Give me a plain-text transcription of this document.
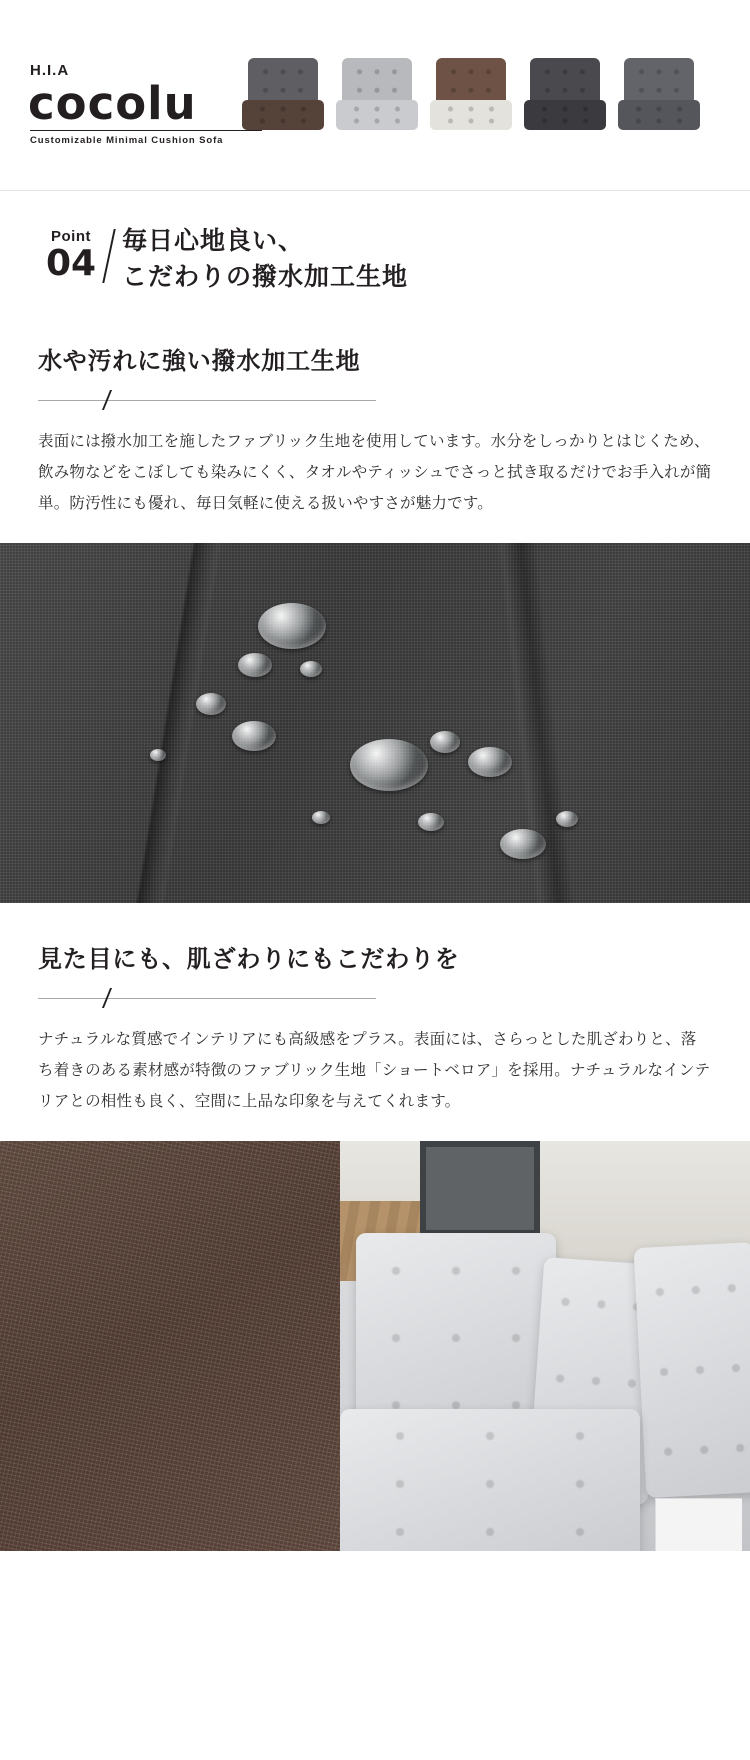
H.I.A
cocolu
Customizable Minimal Cushion Sofa
Point
04
毎日心地良い、
こだわりの撥水加工生地
水や汚れに強い撥水加工生地

表面には撥水加工を施したファブリック生地を使用しています。水分をしっかりとはじくため、飲み物などをこぼしても染みにくく、タオルやティッシュでさっと拭き取るだけでお手入れが簡単。防汚性にも優れ、毎日気軽に使える扱いやすさが魅力です。

見た目にも、肌ざわりにもこだわりを

ナチュラルな質感でインテリアにも高級感をプラス。表面には、さらっとした肌ざわりと、落ち着きのある素材感が特徴のファブリック生地「ショートベロア」を採用。ナチュラルなインテリアとの相性も良く、空間に上品な印象を与えてくれます。
